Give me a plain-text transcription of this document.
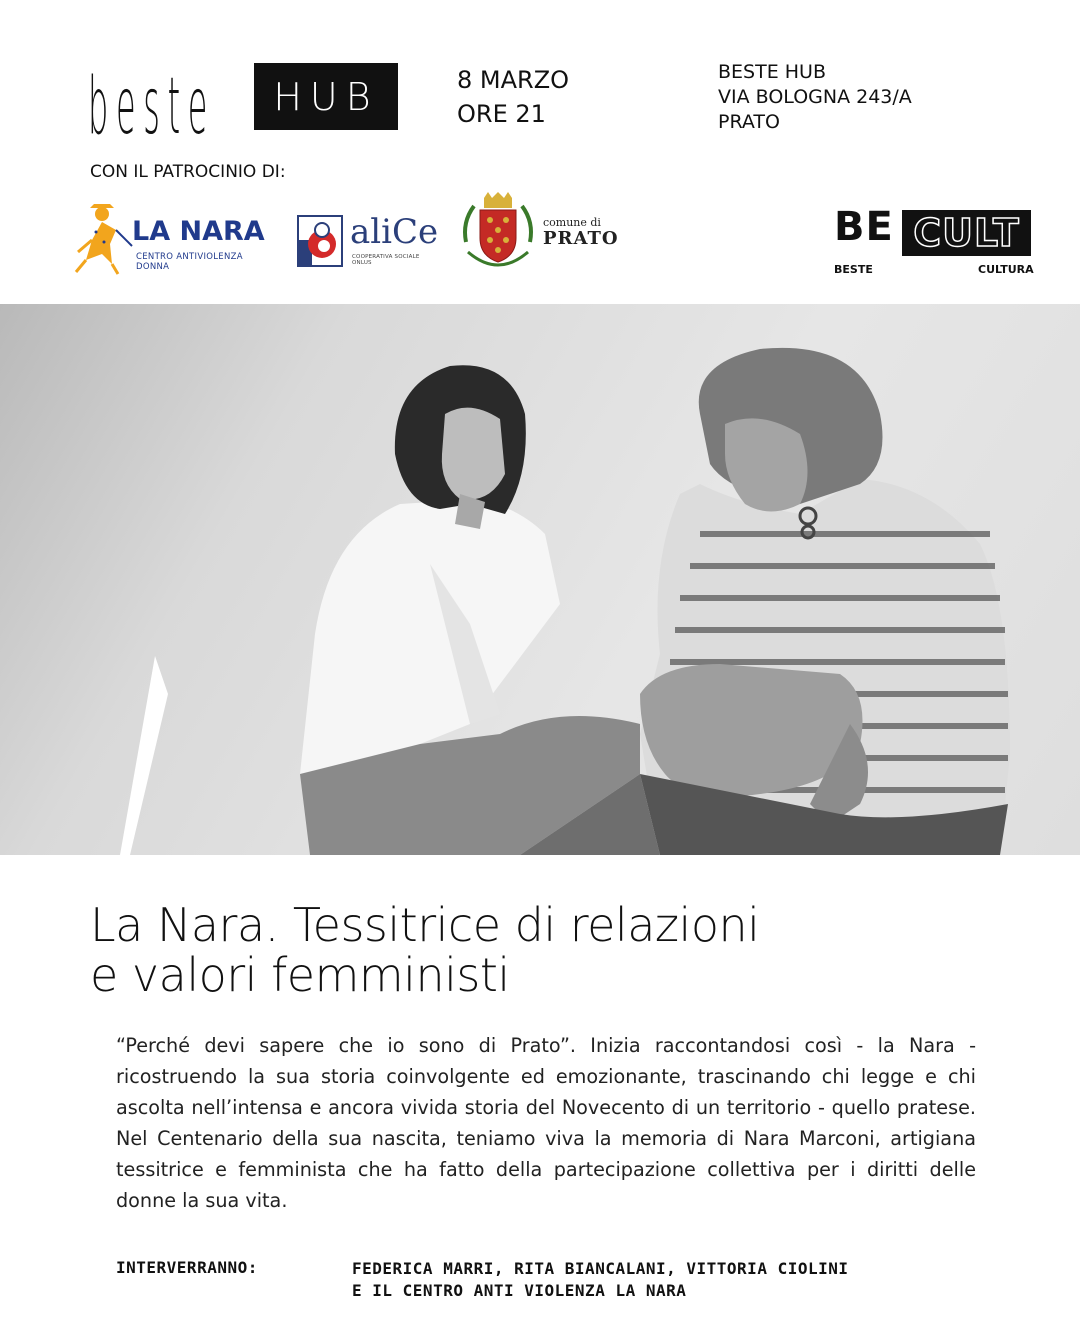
beste HUB	8 MARZO
ORE 21
BESTE HUB
VIA BOLOGNA 243/A
PRATO
CON IL PATROCINIO DI:
LA NARA
CENTRO ANTIVIOLENZA DONNA
aliCe
COOPERATIVA SOCIALE ONLUS
comune di
PRATO	BE CULT
BESTE	CULTURA
La Nara. Tessitrice di relazioni
e valori femministi
“Perché devi sapere che io sono di Prato”. Inizia raccontandosi così - la Nara - ricostruendo la sua storia coinvolgente ed emozionante, trascinando chi legge e chi ascolta nell’intensa e ancora vivida storia del Novecento di un territorio - quello pratese. Nel Centenario della sua nascita, teniamo viva la memoria di Nara Marconi, artigiana tessitrice e femminista che ha fatto della partecipazione collettiva per i diritti delle donne la sua vita.
INTERVERRANNO:	FEDERICA MARRI, RITA BIANCALANI, VITTORIA CIOLINI
E IL CENTRO ANTI VIOLENZA LA NARA
